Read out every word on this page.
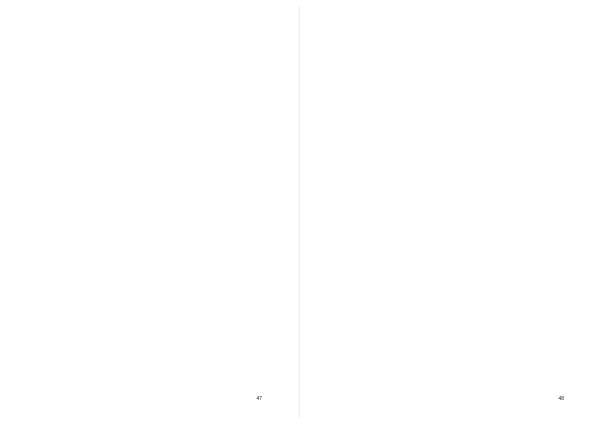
47	48
